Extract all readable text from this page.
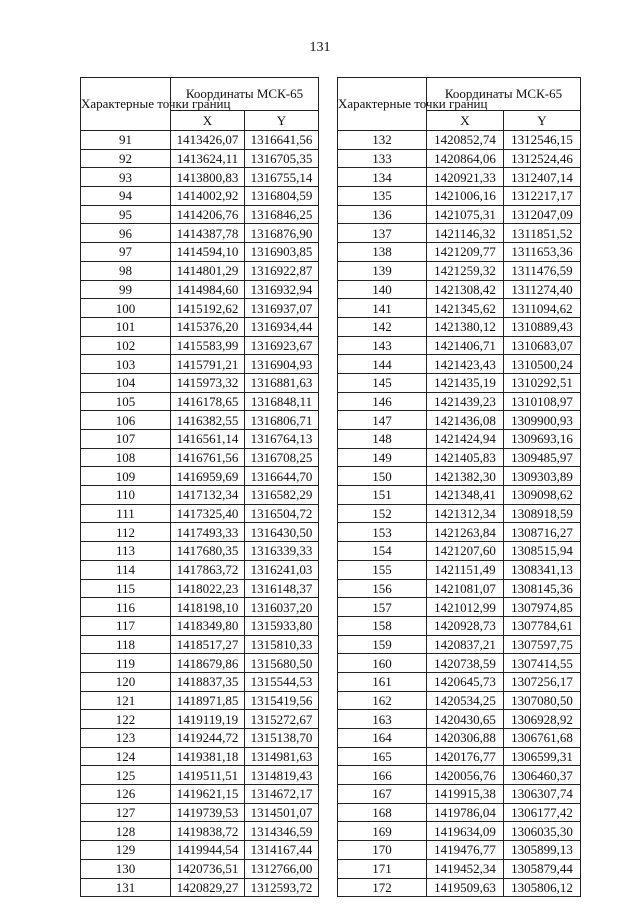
131
Характерные точки границ	Координаты МСК-65	
	X	Y
91	1413426,07	1316641,56
92	1413624,11	1316705,35
93	1413800,83	1316755,14
94	1414002,92	1316804,59
95	1414206,76	1316846,25
96	1414387,78	1316876,90
97	1414594,10	1316903,85
98	1414801,29	1316922,87
99	1414984,60	1316932,94
100	1415192,62	1316937,07
101	1415376,20	1316934,44
102	1415583,99	1316923,67
103	1415791,21	1316904,93
104	1415973,32	1316881,63
105	1416178,65	1316848,11
106	1416382,55	1316806,71
107	1416561,14	1316764,13
108	1416761,56	1316708,25
109	1416959,69	1316644,70
110	1417132,34	1316582,29
111	1417325,40	1316504,72
112	1417493,33	1316430,50
113	1417680,35	1316339,33
114	1417863,72	1316241,03
115	1418022,23	1316148,37
116	1418198,10	1316037,20
117	1418349,80	1315933,80
118	1418517,27	1315810,33
119	1418679,86	1315680,50
120	1418837,35	1315544,53
121	1418971,85	1315419,56
122	1419119,19	1315272,67
123	1419244,72	1315138,70
124	1419381,18	1314981,63
125	1419511,51	1314819,43
126	1419621,15	1314672,17
127	1419739,53	1314501,07
128	1419838,72	1314346,59
129	1419944,54	1314167,44
130	1420736,51	1312766,00
131	1420829,27	1312593,72
Характерные точки границ	Координаты МСК-65	
	X	Y
132	1420852,74	1312546,15
133	1420864,06	1312524,46
134	1420921,33	1312407,14
135	1421006,16	1312217,17
136	1421075,31	1312047,09
137	1421146,32	1311851,52
138	1421209,77	1311653,36
139	1421259,32	1311476,59
140	1421308,42	1311274,40
141	1421345,62	1311094,62
142	1421380,12	1310889,43
143	1421406,71	1310683,07
144	1421423,43	1310500,24
145	1421435,19	1310292,51
146	1421439,23	1310108,97
147	1421436,08	1309900,93
148	1421424,94	1309693,16
149	1421405,83	1309485,97
150	1421382,30	1309303,89
151	1421348,41	1309098,62
152	1421312,34	1308918,59
153	1421263,84	1308716,27
154	1421207,60	1308515,94
155	1421151,49	1308341,13
156	1421081,07	1308145,36
157	1421012,99	1307974,85
158	1420928,73	1307784,61
159	1420837,21	1307597,75
160	1420738,59	1307414,55
161	1420645,73	1307256,17
162	1420534,25	1307080,50
163	1420430,65	1306928,92
164	1420306,88	1306761,68
165	1420176,77	1306599,31
166	1420056,76	1306460,37
167	1419915,38	1306307,74
168	1419786,04	1306177,42
169	1419634,09	1306035,30
170	1419476,77	1305899,13
171	1419452,34	1305879,44
172	1419509,63	1305806,12
